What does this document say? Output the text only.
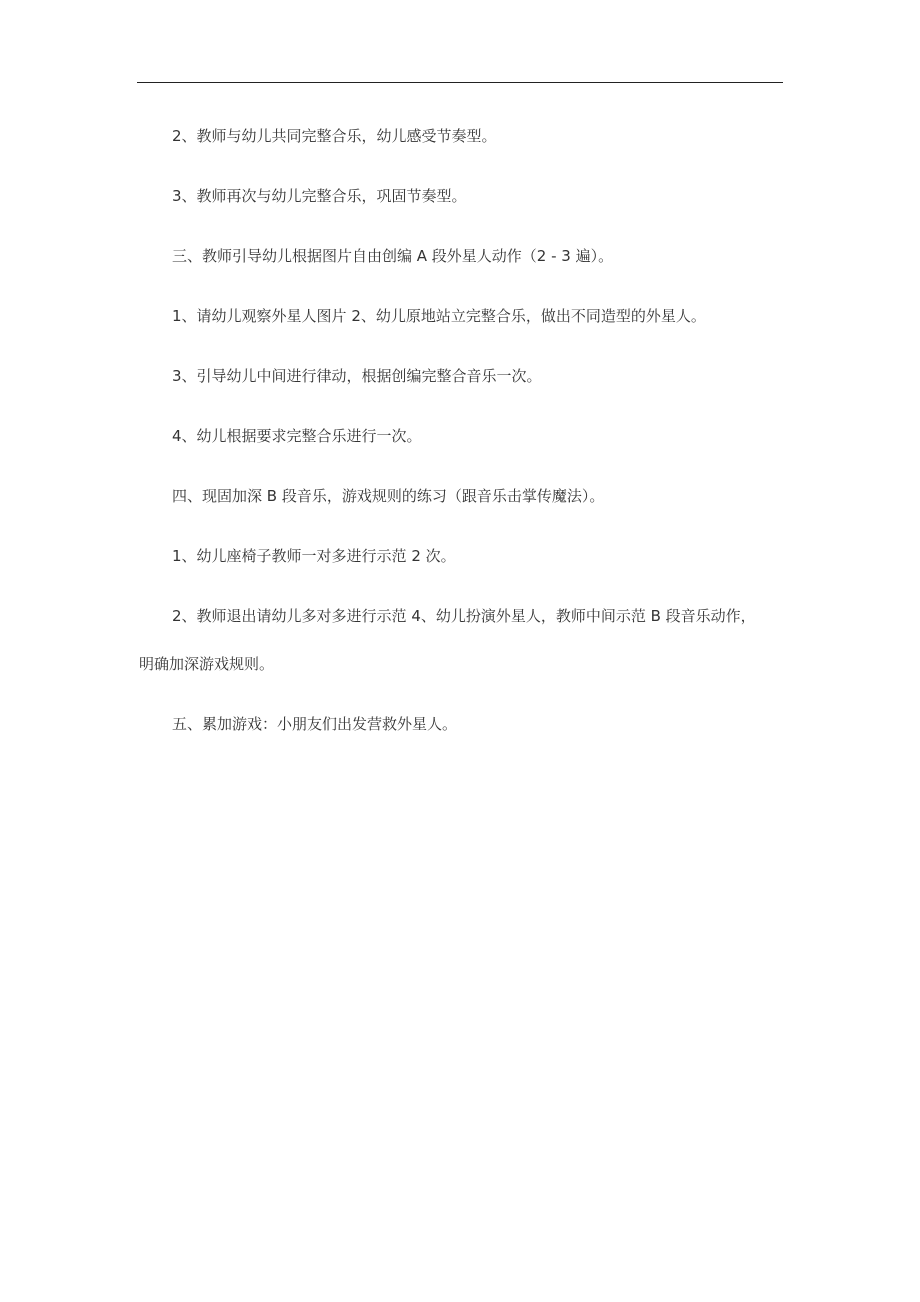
2、教师与幼儿共同完整合乐，幼儿感受节奏型。

3、教师再次与幼儿完整合乐，巩固节奏型。

三、教师引导幼儿根据图片自由创编 A 段外星人动作（2 - 3 遍）。

1、请幼儿观察外星人图片 2、幼儿原地站立完整合乐，做出不同造型的外星人。

3、引导幼儿中间进行律动，根据创编完整合音乐一次。

4、幼儿根据要求完整合乐进行一次。

四、现固加深 B 段音乐，游戏规则的练习（跟音乐击掌传魔法）。

1、幼儿座椅子教师一对多进行示范 2 次。

2、教师退出请幼儿多对多进行示范 4、幼儿扮演外星人，教师中间示范 B 段音乐动作，

明确加深游戏规则。

五、累加游戏：小朋友们出发营救外星人。
